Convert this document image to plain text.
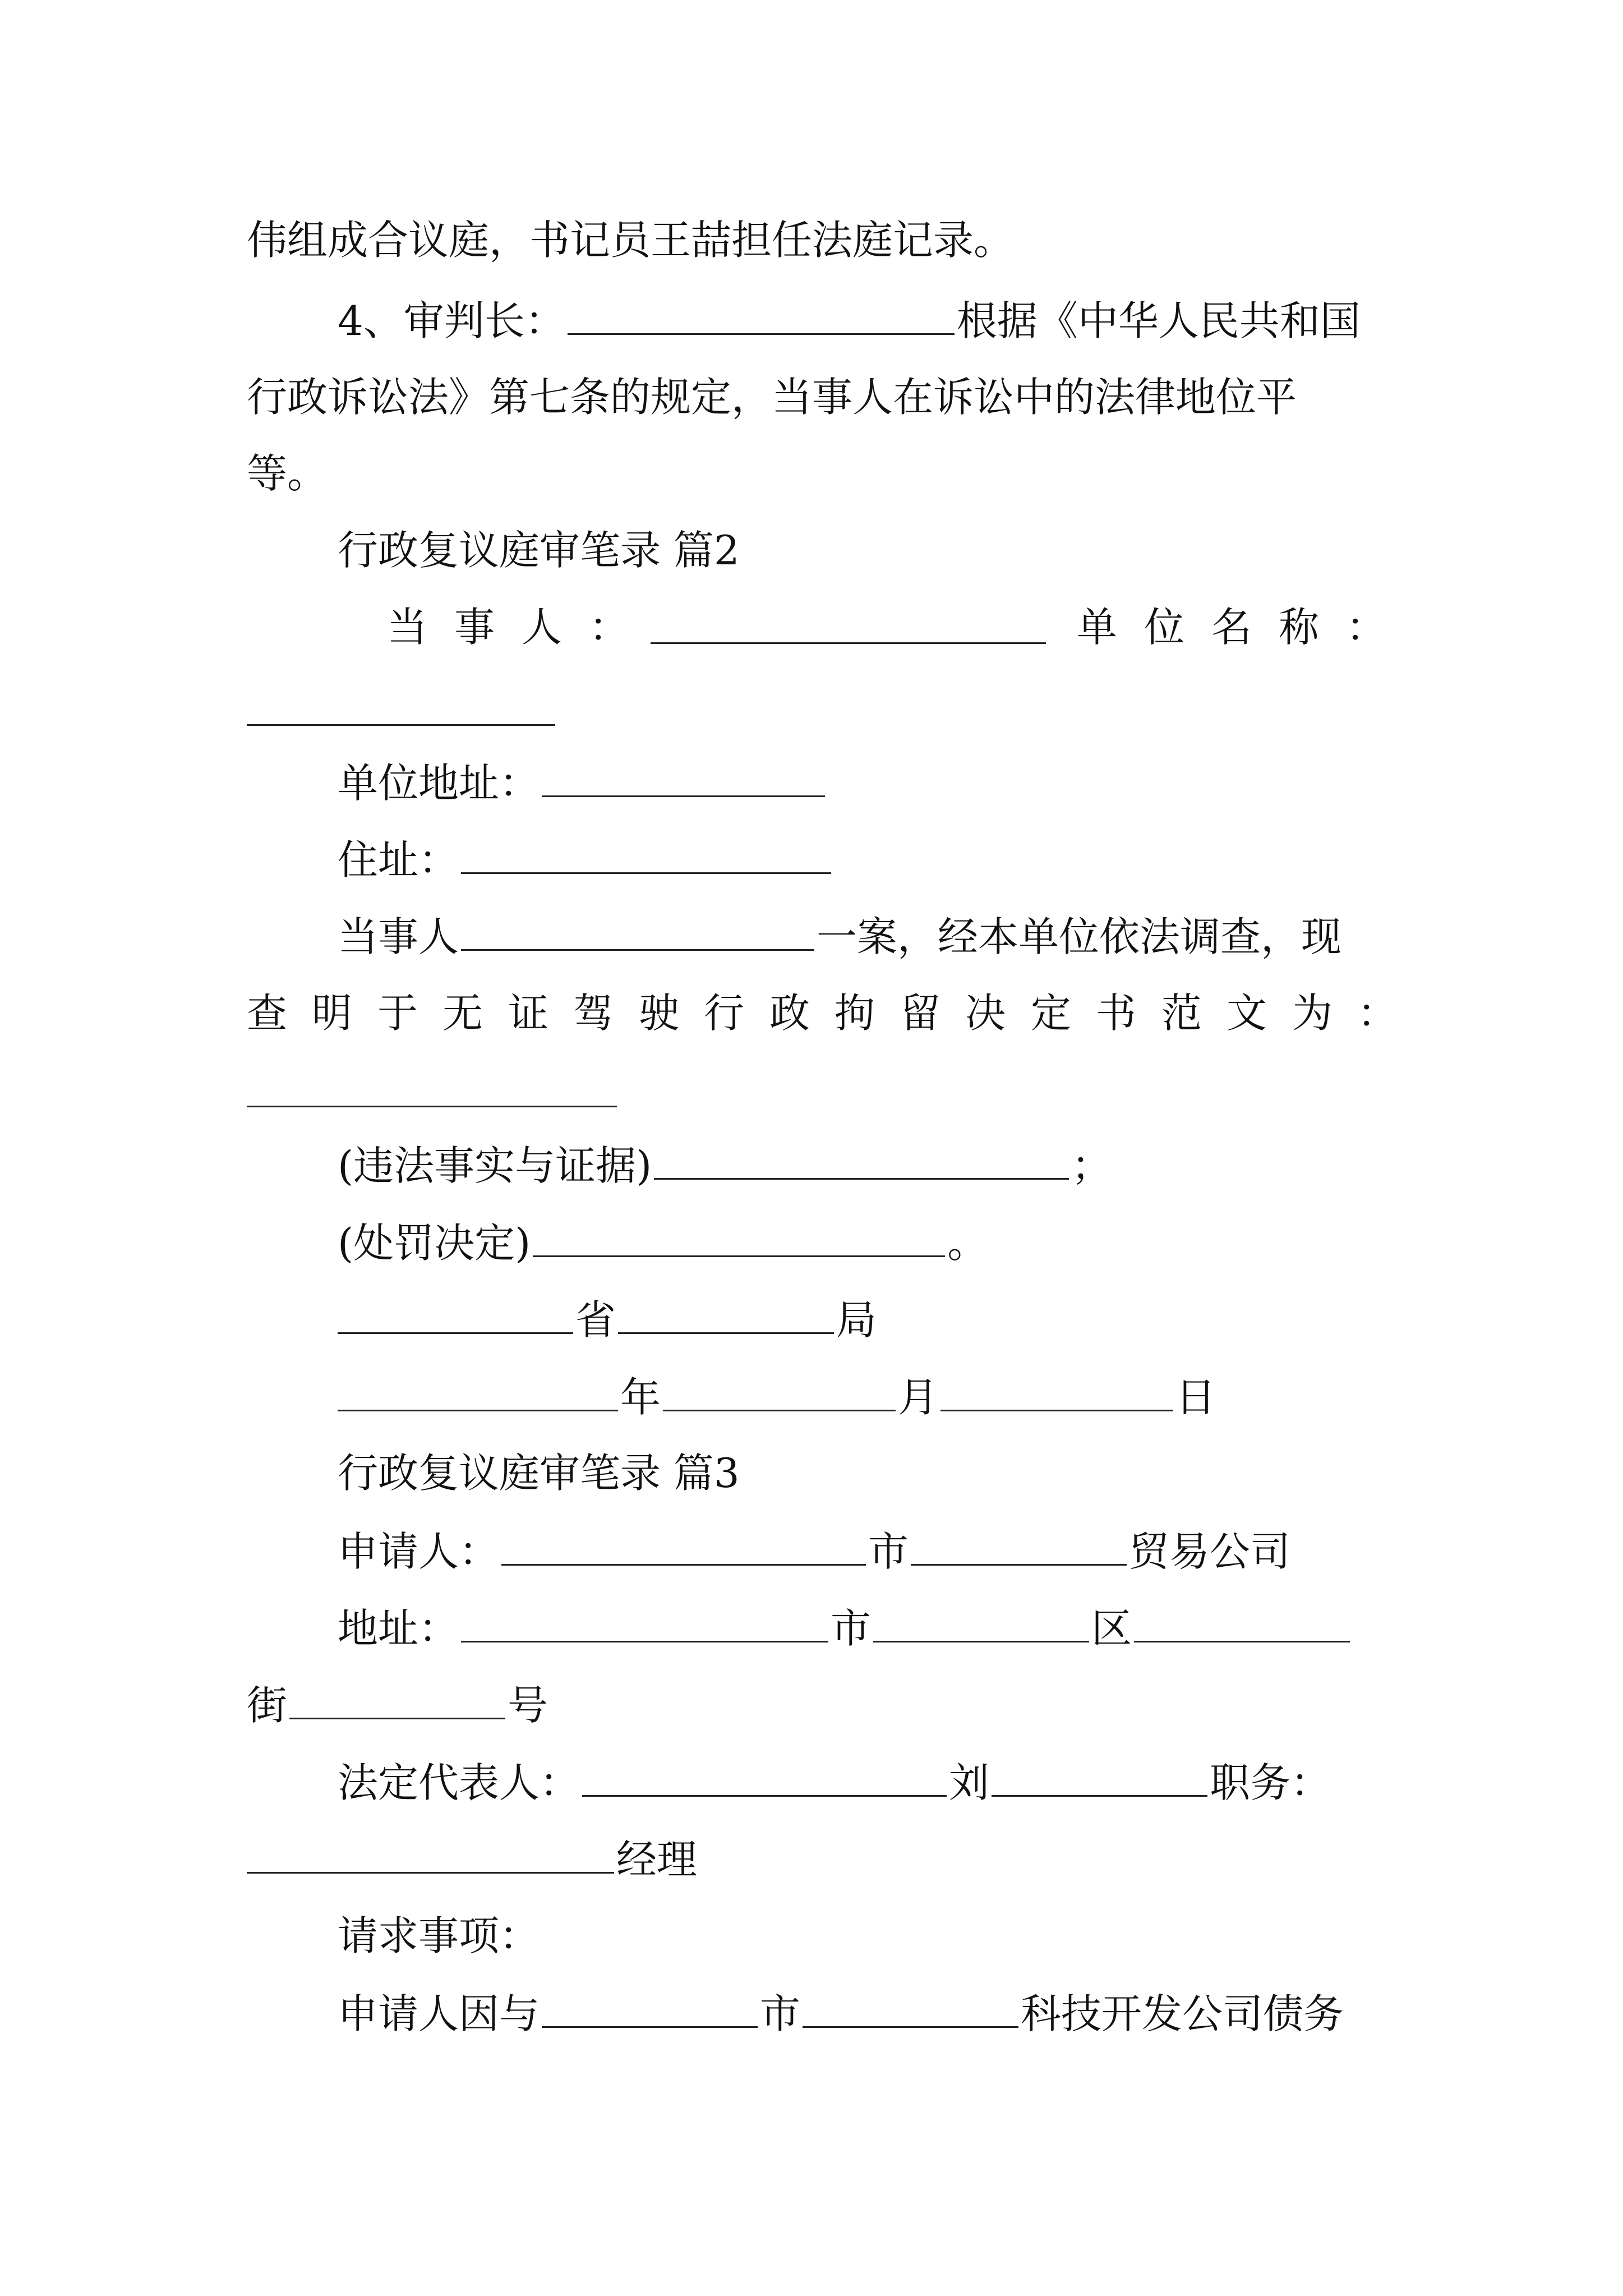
伟组成合议庭，书记员王喆担任法庭记录。
4、审判长：	根据《中华人民共和国
行政诉讼法》第七条的规定，当事人在诉讼中的法律地位平
等。
行政复议庭审笔录 篇2
当 事 人 ：	单 位 名 称 ：
单位地址：
住址：
当事人	一案，经本单位依法调查，现
查 明 于 无 证 驾 驶 行 政 拘 留 决 定 书 范 文 为 ：
(违法事实与证据)	；
(处罚决定)	。
省	局
年	月	日
行政复议庭审笔录 篇3
申请人：	市	贸易公司
地址：	市	区
街	号
法定代表人：	刘	职务：
经理
请求事项：
申请人因与	市	科技开发公司债务
